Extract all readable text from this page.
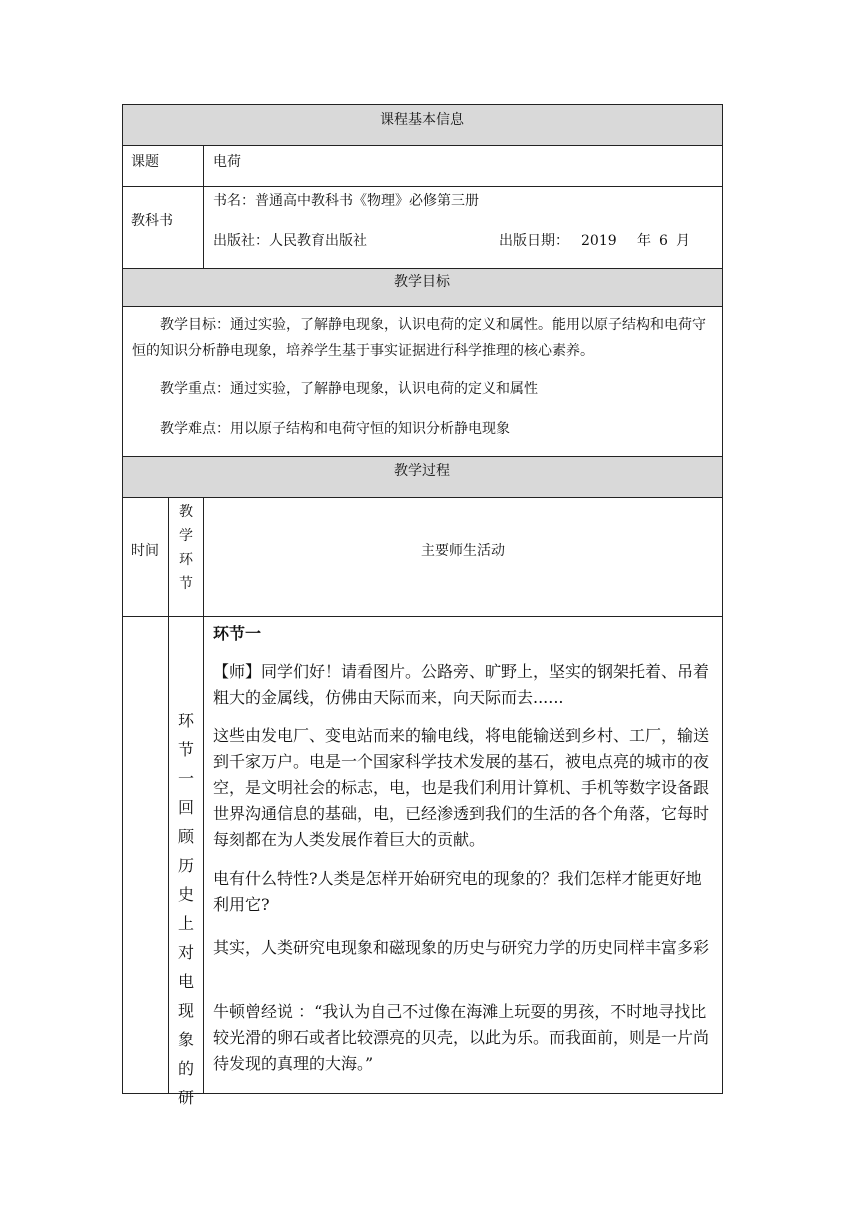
课程基本信息
课题	电荷
教科书
书名：普通高中教科书《物理》必修第三册
出版社：人民教育出版社	出版日期： 2019 年 6 月
教学目标
教学目标：通过实验，了解静电现象，认识电荷的定义和属性。能用以原子结构和电荷守恒的知识分析静电现象，培养学生基于事实证据进行科学推理的核心素养。
教学重点：通过实验，了解静电现象，认识电荷的定义和属性
教学难点：用以原子结构和电荷守恒的知识分析静电现象
教学过程
时间
教学环节
主要师生活动
环节一回顾历史上对电现象的研
环节一
【师】同学们好！请看图片。公路旁、旷野上，坚实的钢架托着、吊着粗大的金属线，仿佛由天际而来，向天际而去......
这些由发电厂、变电站而来的输电线，将电能输送到乡村、工厂，输送到千家万户。电是一个国家科学技术发展的基石，被电点亮的城市的夜空，是文明社会的标志，电，也是我们利用计算机、手机等数字设备跟世界沟通信息的基础，电，已经渗透到我们的生活的各个角落，它每时每刻都在为人类发展作着巨大的贡献。
电有什么特性?人类是怎样开始研究电的现象的？我们怎样才能更好地利用它?
其实，人类研究电现象和磁现象的历史与研究力学的历史同样丰富多彩
牛顿曾经说 ：“我认为自己不过像在海滩上玩耍的男孩，不时地寻找比较光滑的卵石或者比较漂亮的贝壳，以此为乐。而我面前，则是一片尚待发现的真理的大海。”
